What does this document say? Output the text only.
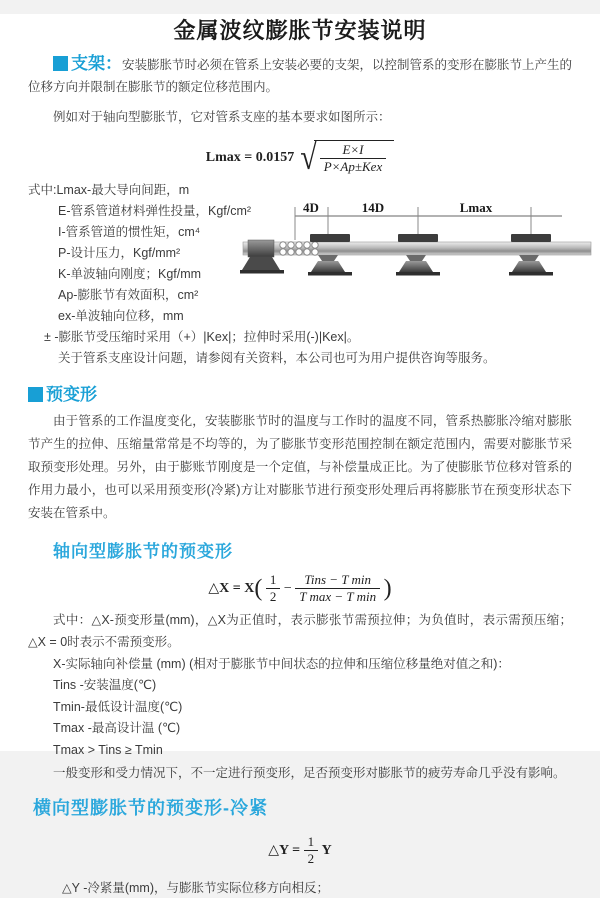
金属波纹膨胀节安装说明

支架：安装膨胀节时必须在管系上安装必要的支架，以控制管系的变形在膨胀节上产生的位移方向并限制在膨胀节的额定位移范围内。

例如对于轴向型膨胀节，它对管系支座的基本要求如图所示：

Lmax = 0.0157 √ $\frac{E\times I}{\text{P×Ap±Kex}}$
式中:Lmax-最大导向间距，m
E-管系管道材料弹性投量，Kgf/cm²
I-管系管道的惯性矩，cm⁴
P-设计压力，Kgf/mm²
K-单波轴向刚度；Kgf/mm
Ap-膨胀节有效面积，cm²
ex-单波轴向位移，mm
± -膨胀节受压缩时采用（+）|Kex|；拉伸时采用(-)|Kex|。
关于管系支座设计问题，请参阅有关资料，本公司也可为用户提供咨询等服务。
4D	14D	Lmax

预变形

由于管系的工作温度变化，安装膨胀节时的温度与工作时的温度不同，管系热膨胀冷缩对膨胀节产生的拉伸、压缩量常常是不均等的，为了膨胀节变形范围控制在额定范围内，需要对膨胀节采取预变形处理。另外，由于膨账节刚度是一个定值，与补偿量成正比。为了使膨胀节位移对管系的作用力最小，也可以采用预变形(冷紧)方让对膨胀节进行预变形处理后再将膨胀节在预变形状态下安装在管系中。

轴向型膨胀节的预变形

△X = $X( \frac{1}{2} - \frac{\text{Tins − T min}}{\text{T max − T min}}$ )

式中：△X-预变形量(mm)，△X为正值时，表示膨张节需预拉伸；为负值时，表示需预压缩；△X = 0时表示不需预变形。

X-实际轴向补偿量 (mm) (相对于膨胀节中间状态的拉伸和压缩位移量绝对值之和)：

Tins -安装温度(℃)
Tmin-最低设计温度(℃)
Tmax -最高设计温 (℃)
Tmax > Tins ≥ Tmin

一般变形和受力情况下，不一定进行预变形，足否预变形对膨胀节的疲劳寿命几乎没有影响。

横向型膨胀节的预变形-冷紧

△Y = $\frac{1}{2}$ Y

△Y -冷紧量(mm)，与膨胀节实际位移方向相反；
